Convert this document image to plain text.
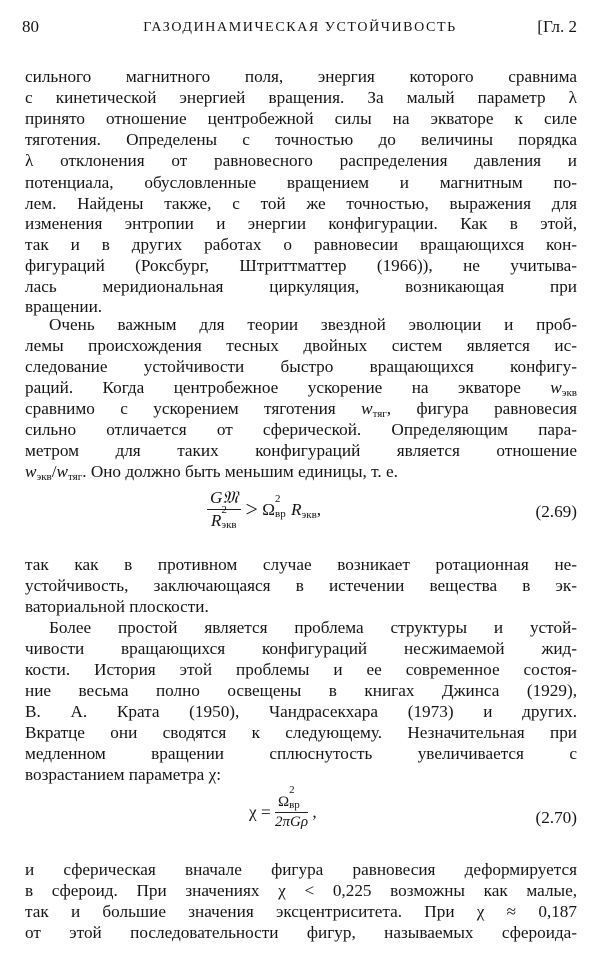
80	ГАЗОДИНАМИЧЕСКАЯ УСТОЙЧИВОСТЬ	[Гл. 2
сильного магнитного поля, энергия которого сравнима
с кинетической энергией вращения. За малый параметр λ
принято отношение центробежной силы на экваторе к силе
тяготения. Определены с точностью до величины порядка
λ отклонения от равновесного распределения давления и
потенциала, обусловленные вращением и магнитным по-
лем. Найдены также, с той же точностью, выражения для
изменения энтропии и энергии конфигурации. Как в этой,
так и в других работах о равновесии вращающихся кон-
фигураций (Роксбург, Штриттматтер (1966)), не учитыва-
лась меридиональная циркуляция, возникающая при
вращении.
Очень важным для теории звездной эволюции и проб-
лемы происхождения тесных двойных систем является ис-
следование устойчивости быстро вращающихся конфигу-
раций. Когда центробежное ускорение на экваторе $w_{экв}$
сравнимо с ускорением тяготения $w_{тяг}$, фигура равновесия
сильно отличается от сферической. Определяющим пара-
метром для таких конфигураций является отношение
$w_{экв}/w_{тяг}$. Оно должно быть меньшим единицы, т. е.
G𝔐
R
2
экв > Ω
2
вр $R_{экв}$,	(2.69)
так как в противном случае возникает ротационная не-
устойчивость, заключающаяся в истечении вещества в эк-
ваториальной плоскости.
Более простой является проблема структуры и устой-
чивости вращающихся конфигураций несжимаемой жид-
кости. История этой проблемы и ее современное состоя-
ние весьма полно освещены в книгах Джинса (1929),
В. А. Крата (1950), Чандрасекхара (1973) и других.
Вкратце они сводятся к следующему. Незначительная при
медленном вращении сплюснутость увеличивается с
возрастанием параметра χ:
χ = Ω
2
вр
2πGρ ,	(2.70)
и сферическая вначале фигура равновесия деформируется
в сфероид. При значениях χ < 0,225 возможны как малые,
так и большие значения эксцентриситета. При χ ≈ 0,187
от этой последовательности фигур, называемых сфероида-
